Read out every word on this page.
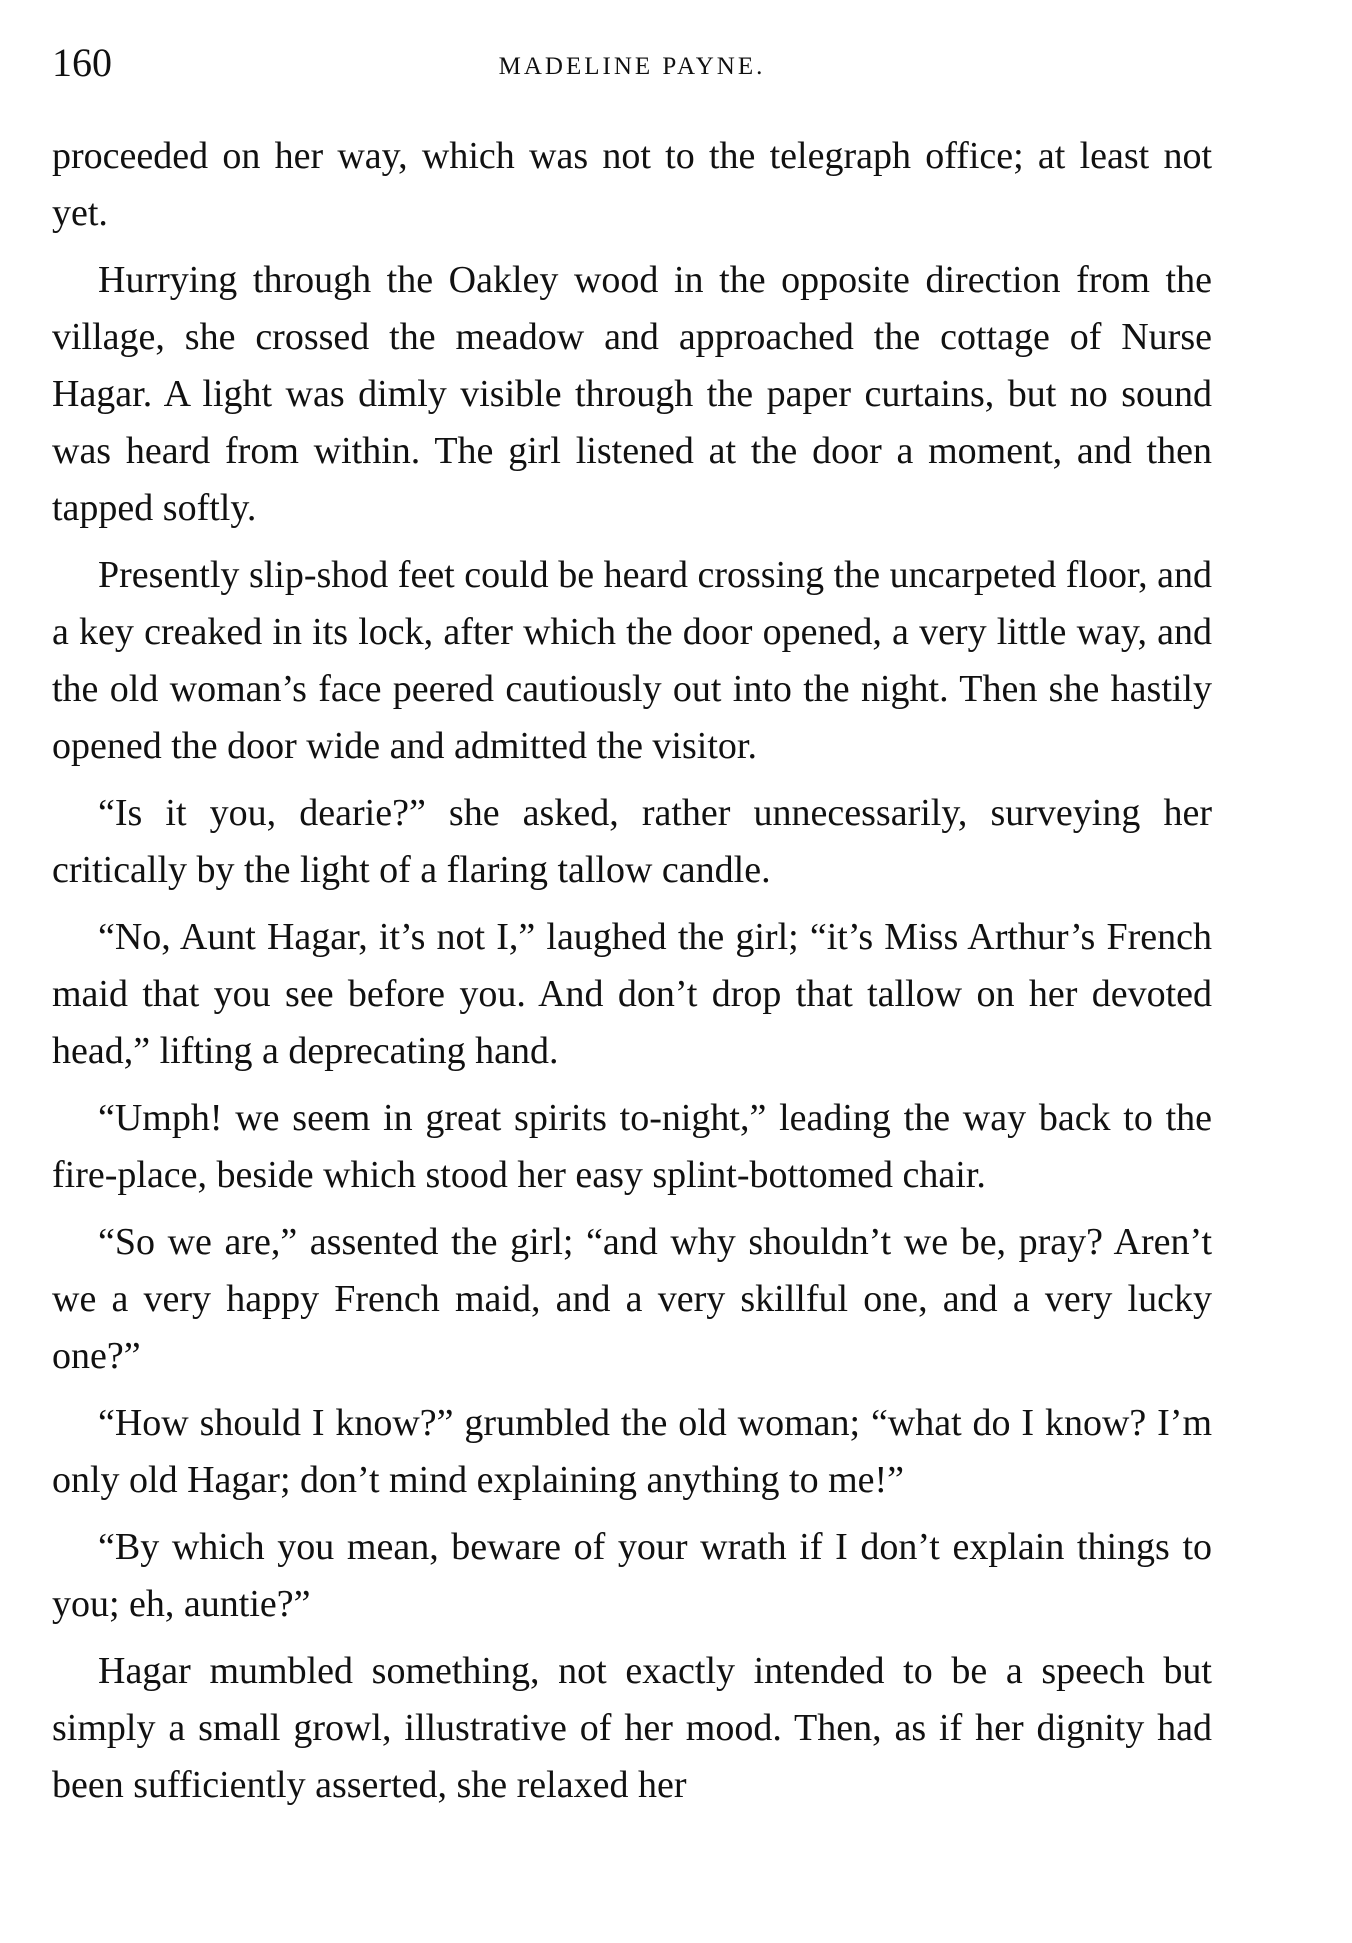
160	MADELINE PAYNE.

proceeded on her way, which was not to the telegraph office; at least not yet.

Hurrying through the Oakley wood in the opposite direction from the village, she crossed the meadow and approached the cottage of Nurse Hagar. A light was dimly visible through the paper curtains, but no sound was heard from within. The girl listened at the door a moment, and then tapped softly.

Presently slip-shod feet could be heard crossing the uncarpeted floor, and a key creaked in its lock, after which the door opened, a very little way, and the old woman’s face peered cautiously out into the night. Then she hastily opened the door wide and admitted the visitor.

“Is it you, dearie?” she asked, rather unnecessarily, surveying her critically by the light of a flaring tallow candle.

“No, Aunt Hagar, it’s not I,” laughed the girl; “it’s Miss Arthur’s French maid that you see before you. And don’t drop that tallow on her devoted head,” lifting a deprecating hand.

“Umph! we seem in great spirits to-night,” leading the way back to the fire-place, beside which stood her easy splint-bottomed chair.

“So we are,” assented the girl; “and why shouldn’t we be, pray? Aren’t we a very happy French maid, and a very skillful one, and a very lucky one?”

“How should I know?” grumbled the old woman; “what do I know? I’m only old Hagar; don’t mind explaining anything to me!”

“By which you mean, beware of your wrath if I don’t explain things to you; eh, auntie?”

Hagar mumbled something, not exactly intended to be a speech but simply a small growl, illustrative of her mood. Then, as if her dignity had been sufficiently asserted, she relaxed her
